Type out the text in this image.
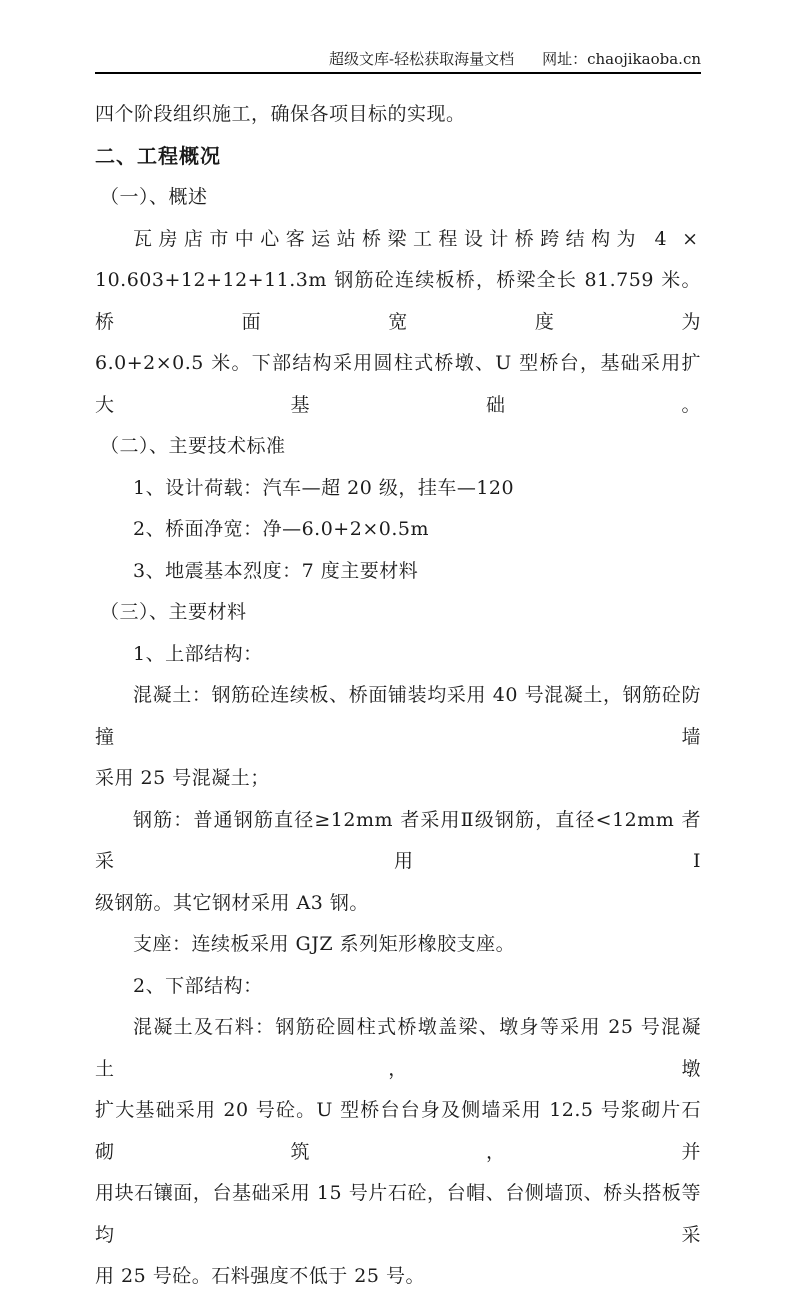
超级文库-轻松获取海量文档 网址：chaojikaoba.cn
四个阶段组织施工，确保各项目标的实现。
二、工程概况
（一）、概述
瓦房店市中心客运站桥梁工程设计桥跨结构为 4 ×
10.603+12+12+11.3m 钢筋砼连续板桥，桥梁全长 81.759 米。桥面宽度为
6.0+2×0.5 米。下部结构采用圆柱式桥墩、U 型桥台，基础采用扩大基础。
（二）、主要技术标准
1、设计荷载：汽车—超 20 级，挂车—120
2、桥面净宽：净—6.0+2×0.5m
3、地震基本烈度：7 度主要材料
（三）、主要材料
1、上部结构：
混凝土：钢筋砼连续板、桥面铺装均采用 40 号混凝土，钢筋砼防撞墙
采用 25 号混凝土；
钢筋：普通钢筋直径≥12mm 者采用Ⅱ级钢筋，直径<12mm 者采用Ⅰ
级钢筋。其它钢材采用 A3 钢。
支座：连续板采用 GJZ 系列矩形橡胶支座。
2、下部结构：
混凝土及石料：钢筋砼圆柱式桥墩盖梁、墩身等采用 25 号混凝土，墩
扩大基础采用 20 号砼。U 型桥台台身及侧墙采用 12.5 号浆砌片石砌筑，并
用块石镶面，台基础采用 15 号片石砼，台帽、台侧墙顶、桥头搭板等均采
用 25 号砼。石料强度不低于 25 号。
